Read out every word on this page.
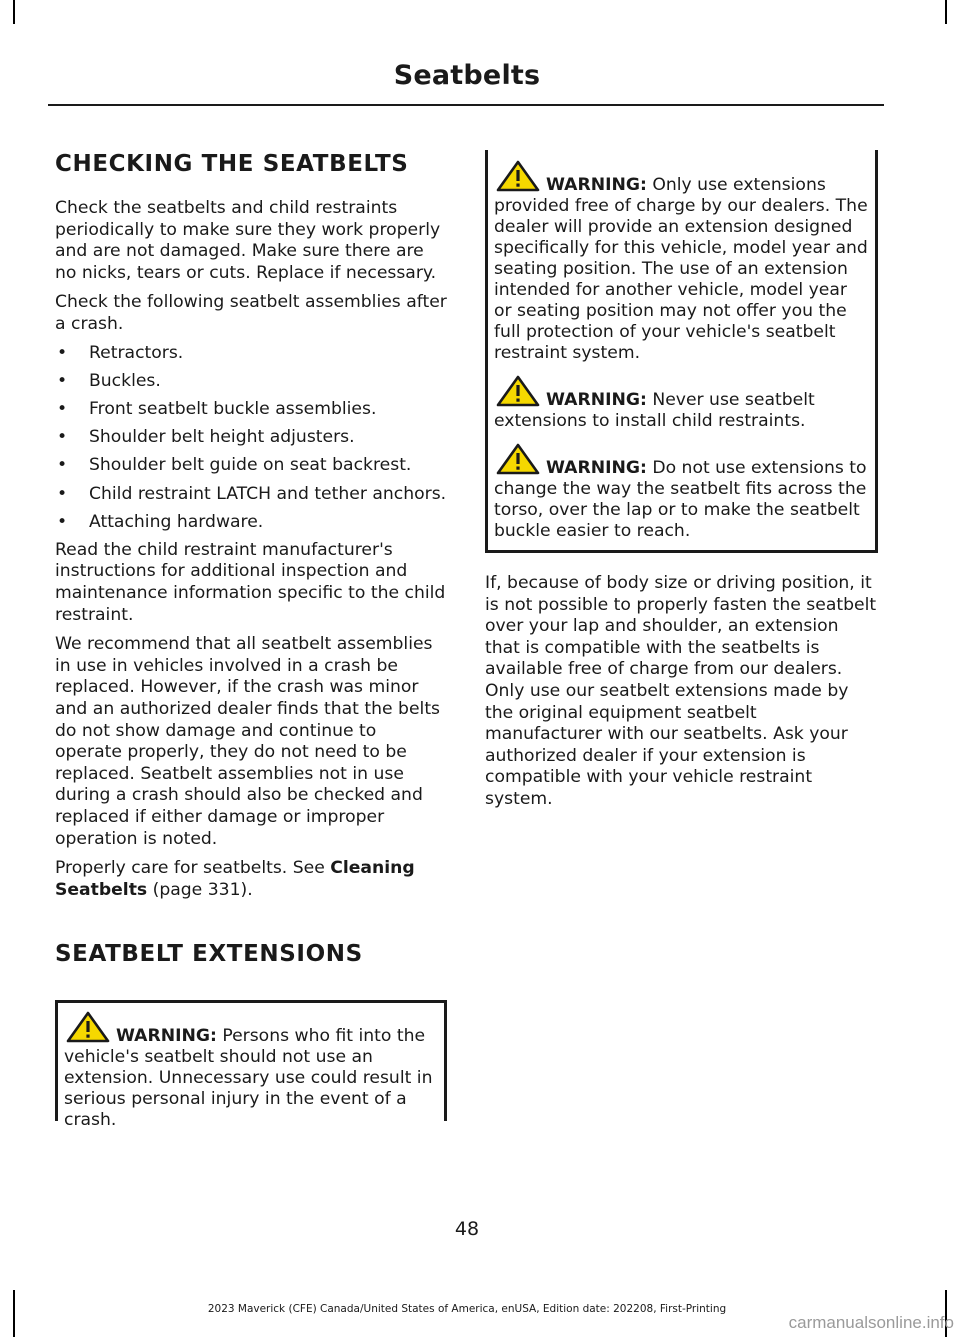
Seatbelts
CHECKING THE SEATBELTS

Check the seatbelts and child restraints periodically to make sure they work properly and are not damaged. Make sure there are no nicks, tears or cuts. Replace if necessary.

Check the following seatbelt assemblies after a crash.

• Retractors.
• Buckles.
• Front seatbelt buckle assemblies.
• Shoulder belt height adjusters.
• Shoulder belt guide on seat backrest.
• Child restraint LATCH and tether anchors.
• Attaching hardware.

Read the child restraint manufacturer's instructions for additional inspection and maintenance information specific to the child restraint.

We recommend that all seatbelt assemblies in use in vehicles involved in a crash be replaced. However, if the crash was minor and an authorized dealer finds that the belts do not show damage and continue to operate properly, they do not need to be replaced. Seatbelt assemblies not in use during a crash should also be checked and replaced if either damage or improper operation is noted.

Properly care for seatbelts. See Cleaning Seatbelts (page 331).

SEATBELT EXTENSIONS
WARNING: Persons who fit into the vehicle's seatbelt should not use an extension. Unnecessary use could result in serious personal injury in the event of a crash.
WARNING: Only use extensions provided free of charge by our dealers. The dealer will provide an extension designed specifically for this vehicle, model year and seating position. The use of an extension intended for another vehicle, model year or seating position may not offer you the full protection of your vehicle's seatbelt restraint system.
WARNING: Never use seatbelt extensions to install child restraints.
WARNING: Do not use extensions to change the way the seatbelt fits across the torso, over the lap or to make the seatbelt buckle easier to reach.

If, because of body size or driving position, it is not possible to properly fasten the seatbelt over your lap and shoulder, an extension that is compatible with the seatbelts is available free of charge from our dealers. Only use our seatbelt extensions made by the original equipment seatbelt manufacturer with our seatbelts. Ask your authorized dealer if your extension is compatible with your vehicle restraint system.

48
2023 Maverick (CFE) Canada/United States of America, enUSA, Edition date: 202208, First-Printing
carmanualsonline.info
